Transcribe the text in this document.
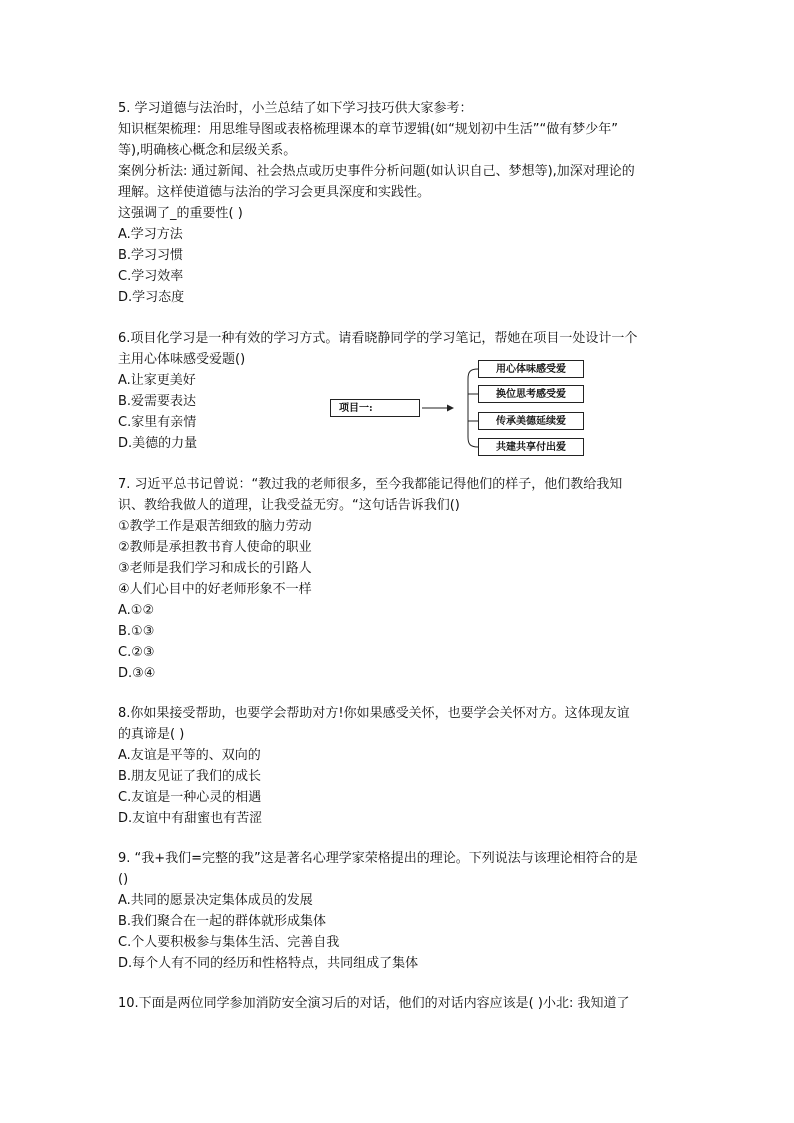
5. 学习道德与法治时，小兰总结了如下学习技巧供大家参考：
知识框架梳理：用思维导图或表格梳理课本的章节逻辑(如“规划初中生活”“做有梦少年”
等),明确核心概念和层级关系。
案例分析法: 通过新闻、社会热点或历史事件分析问题(如认识自己、梦想等),加深对理论的
理解。这样使道德与法治的学习会更具深度和实践性。
这强调了_的重要性( )
A.学习方法
B.学习习惯
C.学习效率
D.学习态度
6.项目化学习是一种有效的学习方式。请看晓静同学的学习笔记，帮她在项目一处设计一个
主用心体味感受爱题()
A.让家更美好
B.爱需要表达
C.家里有亲情
D.美德的力量
项目一:
用心体味感受爱
换位思考感受爱
传承美德延续爱
共建共享付出爱
7. 习近平总书记曾说：“教过我的老师很多，至今我都能记得他们的样子，他们教给我知
识、教给我做人的道理，让我受益无穷。“这句话告诉我们()
①教学工作是艰苦细致的脑力劳动
②教师是承担教书育人使命的职业
③老师是我们学习和成长的引路人
④人们心目中的好老师形象不一样
A.①②
B.①③
C.②③
D.③④
8.你如果接受帮助，也要学会帮助对方!你如果感受关怀，也要学会关怀对方。这体现友谊
的真谛是( )
A.友谊是平等的、双向的
B.朋友见证了我们的成长
C.友谊是一种心灵的相遇
D.友谊中有甜蜜也有苦涩
9. “我+我们=完整的我”这是著名心理学家荣格提出的理论。下列说法与该理论相符合的是
()
A.共同的愿景决定集体成员的发展
B.我们聚合在一起的群体就形成集体
C.个人要积极参与集体生活、完善自我
D.每个人有不同的经历和性格特点，共同组成了集体
10.下面是两位同学参加消防安全演习后的对话，他们的对话内容应该是( )小北: 我知道了
